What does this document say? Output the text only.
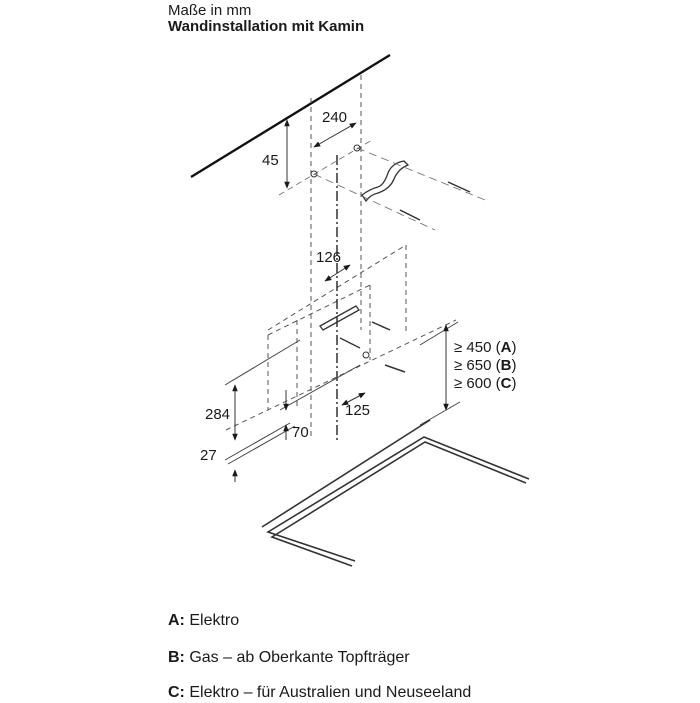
Maße in mm
Wandinstallation mit Kamin
45
240
126
284
27
70
125
≥ 450 (A)
≥ 650 (B)
≥ 600 (C)
A: Elektro
B: Gas – ab Oberkante Topfträger
C: Elektro – für Australien und Neuseeland
